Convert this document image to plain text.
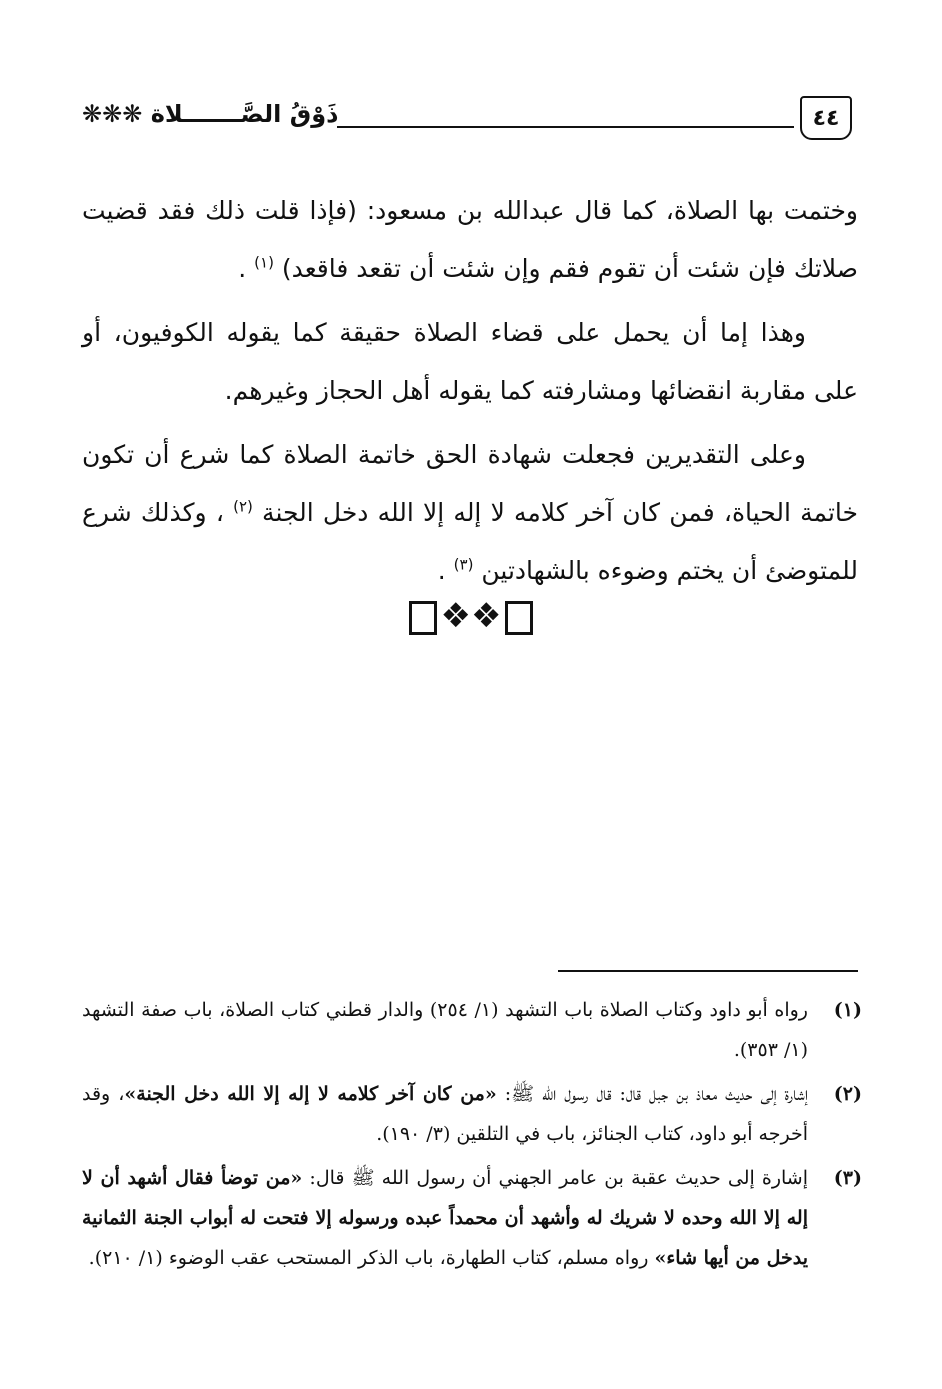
٤٤
ذَوْقُ الصَّـــــــلاة ❋❋❋

وختمت بها الصلاة، كما قال عبدالله بن مسعود: (فإذا قلت ذلك فقد قضيت صلاتك فإن شئت أن تقوم فقم وإن شئت أن تقعد فاقعد) $^{(١)}$ .

وهذا إما أن يحمل على قضاء الصلاة حقيقة كما يقوله الكوفيون، أو على مقاربة انقضائها ومشارفته كما يقوله أهل الحجاز وغيرهم.

وعلى التقديرين فجعلت شهادة الحق خاتمة الصلاة كما شرع أن تكون خاتمة الحياة، فمن كان آخر كلامه لا إله إلا الله دخل الجنة $^{(٢)}$ ، وكذلك شرع للمتوضئ أن يختم وضوءه بالشهادتين $^{(٣)}$ .

❖❖
(١)
رواه أبو داود وكتاب الصلاة باب التشهد (١/ ٢٥٤) والدار قطني كتاب الصلاة، باب صفة التشهد (١/ ٣٥٣).
(٢)
إشارة إلى حديث معاذ بن جبل قال: قال رسول الله ﷺ: «من كان آخر كلامه لا إله إلا الله دخل الجنة»، وقد أخرجه أبو داود، كتاب الجنائز، باب في التلقين (٣/ ١٩٠).
(٣)
إشارة إلى حديث عقبة بن عامر الجهني أن رسول الله ﷺ قال: «من توضأ فقال أشهد أن لا إله إلا الله وحده لا شريك له وأشهد أن محمداً عبده ورسوله إلا فتحت له أبواب الجنة الثمانية يدخل من أيها شاء» رواه مسلم، كتاب الطهارة، باب الذكر المستحب عقب الوضوء (١/ ٢١٠).
